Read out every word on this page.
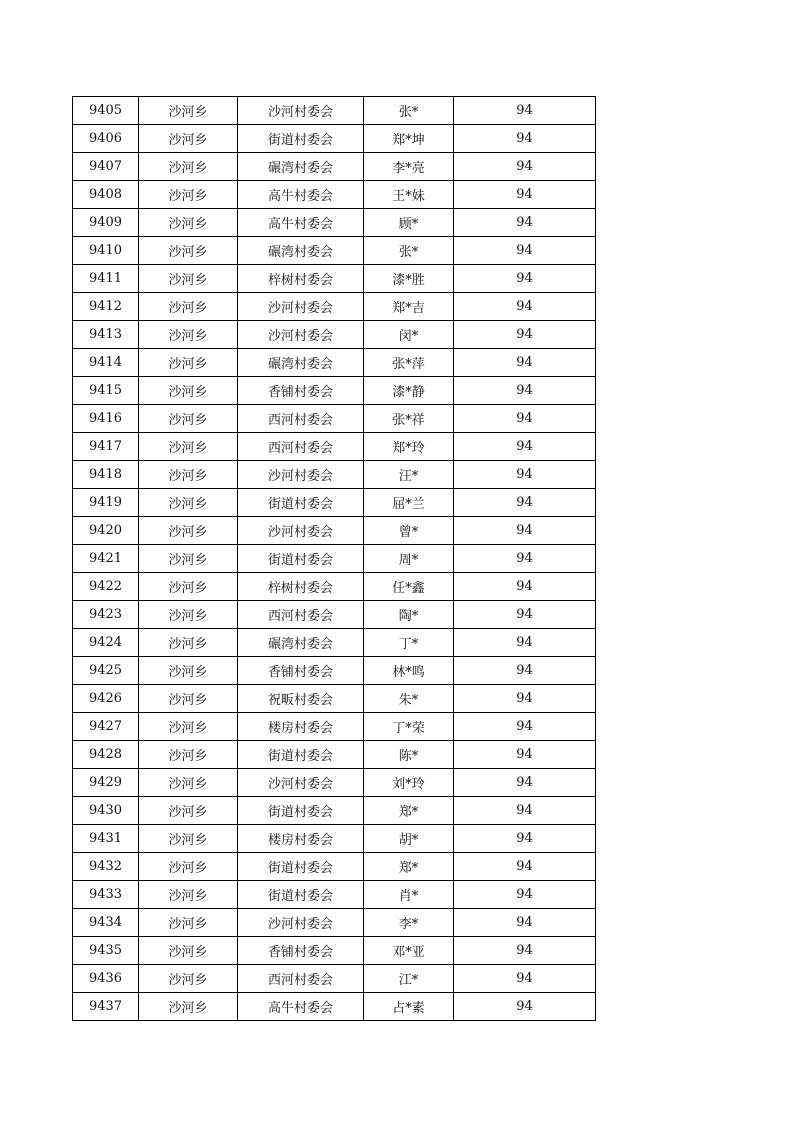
9405	沙河乡	沙河村委会	张*	94
9406	沙河乡	街道村委会	郑*坤	94
9407	沙河乡	碾湾村委会	李*亮	94
9408	沙河乡	高牛村委会	王*妹	94
9409	沙河乡	高牛村委会	顾*	94
9410	沙河乡	碾湾村委会	张*	94
9411	沙河乡	梓树村委会	漆*胜	94
9412	沙河乡	沙河村委会	郑*吉	94
9413	沙河乡	沙河村委会	闵*	94
9414	沙河乡	碾湾村委会	张*萍	94
9415	沙河乡	香铺村委会	漆*静	94
9416	沙河乡	西河村委会	张*祥	94
9417	沙河乡	西河村委会	郑*玲	94
9418	沙河乡	沙河村委会	汪*	94
9419	沙河乡	街道村委会	屈*兰	94
9420	沙河乡	沙河村委会	曾*	94
9421	沙河乡	街道村委会	周*	94
9422	沙河乡	梓树村委会	任*鑫	94
9423	沙河乡	西河村委会	陶*	94
9424	沙河乡	碾湾村委会	丁*	94
9425	沙河乡	香铺村委会	林*鸣	94
9426	沙河乡	祝畈村委会	朱*	94
9427	沙河乡	楼房村委会	丁*荣	94
9428	沙河乡	街道村委会	陈*	94
9429	沙河乡	沙河村委会	刘*玲	94
9430	沙河乡	街道村委会	郑*	94
9431	沙河乡	楼房村委会	胡*	94
9432	沙河乡	街道村委会	郑*	94
9433	沙河乡	街道村委会	肖*	94
9434	沙河乡	沙河村委会	李*	94
9435	沙河乡	香铺村委会	邓*亚	94
9436	沙河乡	西河村委会	江*	94
9437	沙河乡	高牛村委会	占*素	94
